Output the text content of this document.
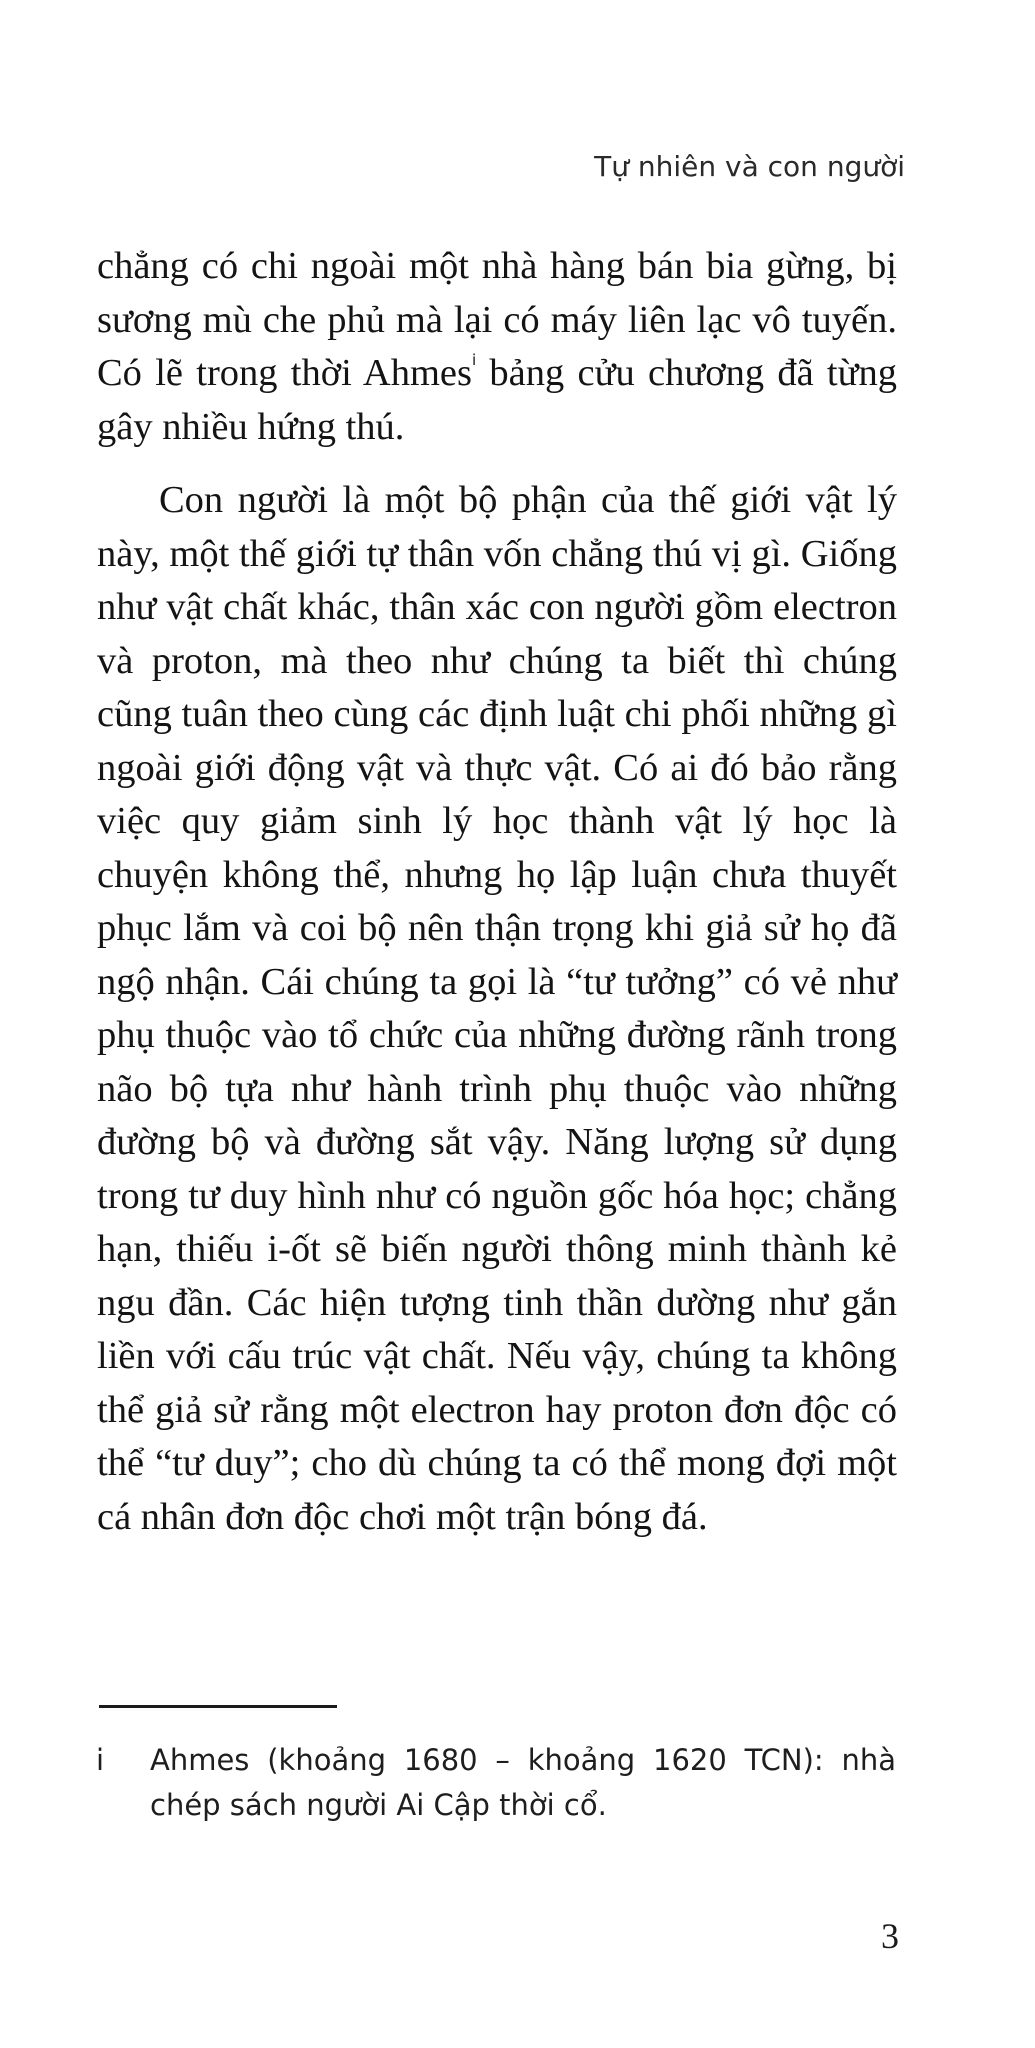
Tự nhiên và con người

chẳng có chi ngoài một nhà hàng bán bia gừng, bị sương mù che phủ mà lại có máy liên lạc vô tuyến. Có lẽ trong thời Ahmes$^i$ bảng cửu chương đã từng gây nhiều hứng thú.

Con người là một bộ phận của thế giới vật lý này, một thế giới tự thân vốn chẳng thú vị gì. Giống như vật chất khác, thân xác con người gồm electron và proton, mà theo như chúng ta biết thì chúng cũng tuân theo cùng các định luật chi phối những gì ngoài giới động vật và thực vật. Có ai đó bảo rằng việc quy giảm sinh lý học thành vật lý học là chuyện không thể, nhưng họ lập luận chưa thuyết phục lắm và coi bộ nên thận trọng khi giả sử họ đã ngộ nhận. Cái chúng ta gọi là “tư tưởng” có vẻ như phụ thuộc vào tổ chức của những đường rãnh trong não bộ tựa như hành trình phụ thuộc vào những đường bộ và đường sắt vậy. Năng lượng sử dụng trong tư duy hình như có nguồn gốc hóa học; chẳng hạn, thiếu i-ốt sẽ biến người thông minh thành kẻ ngu đần. Các hiện tượng tinh thần dường như gắn liền với cấu trúc vật chất. Nếu vậy, chúng ta không thể giả sử rằng một electron hay proton đơn độc có thể “tư duy”; cho dù chúng ta có thể mong đợi một cá nhân đơn độc chơi một trận bóng đá.

i Ahmes (khoảng 1680 – khoảng 1620 TCN): nhà chép sách người Ai Cập thời cổ.
3
